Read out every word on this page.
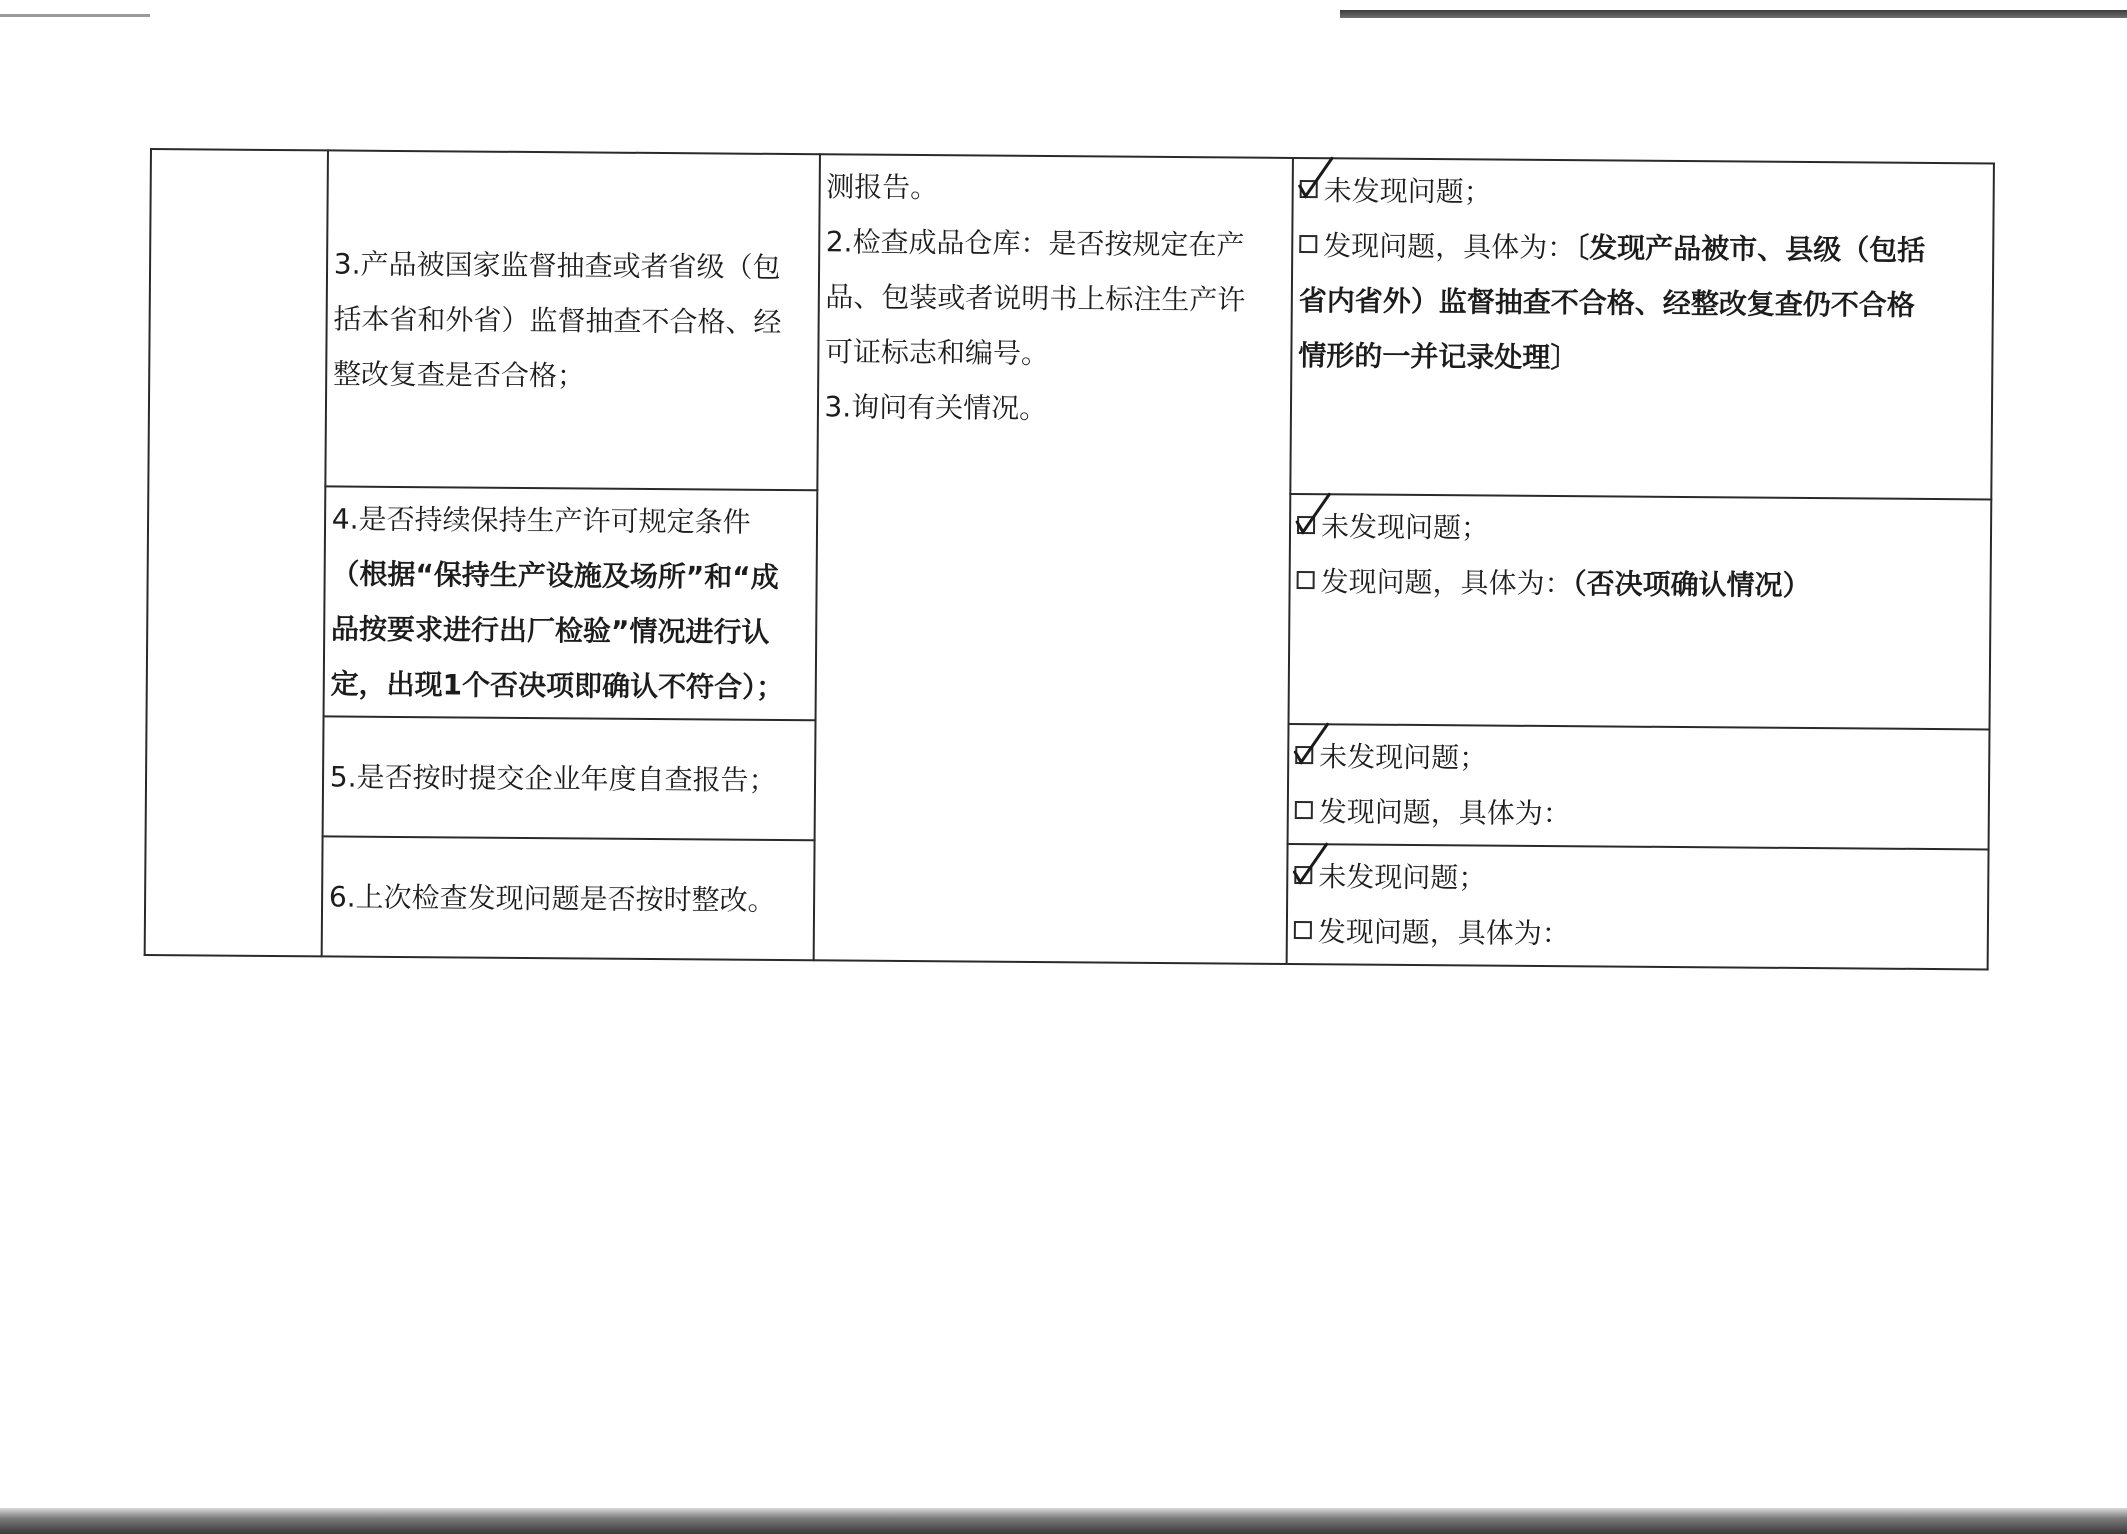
	3.产品被国家监督抽查或者省级（包
括本省和外省）监督抽查不合格、经
整改复查是否合格；	测报告。
2.检查成品仓库：是否按规定在产
品、包装或者说明书上标注生产许
可证标志和编号。
3.询问有关情况。	未发现问题；
发现问题，具体为：〔发现产品被市、县级（包括
省内省外）监督抽查不合格、经整改复查仍不合格
情形的一并记录处理〕

	4.是否持续保持生产许可规定条件
（根据“保持生产设施及场所”和“成
品按要求进行出厂检验”情况进行认
定，出现1个否决项即确认不符合）；		未发现问题；
发现问题，具体为：（否决项确认情况）

	5.是否按时提交企业年度自查报告；		未发现问题；
发现问题，具体为：

	6.上次检查发现问题是否按时整改。		未发现问题；
发现问题，具体为：
